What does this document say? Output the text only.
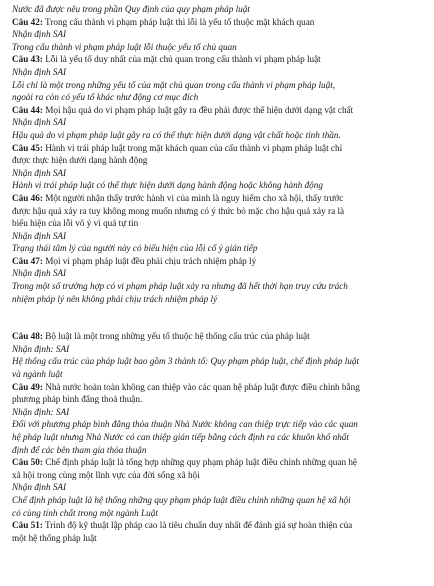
Nước đã được nêu trong phần Quy định của quy phạm pháp luật
Câu 42: Trong cấu thành vi phạm pháp luật thì lỗi là yếu tố thuộc mặt khách quan
Nhận định SAI
Trong cấu thành vi phạm pháp luật lỗi thuộc yếu tố chủ quan
Câu 43: Lỗi là yếu tố duy nhất của mặt chủ quan trong cấu thành vi phạm pháp luật
Nhận định SAI
Lỗi chỉ là một trong những yếu tố của mặt chủ quan trong cấu thành vi phạm pháp luật,
ngoài ra còn có yếu tố khác như động cơ mục đích
Câu 44: Mọi hậu quả do vi phạm pháp luật gây ra đều phải được thể hiện dưới dạng vật chất
Nhận định SAI
Hậu quả do vi phạm pháp luật gây ra có thể thực hiện dưới dạng vật chất hoặc tinh thần.
Câu 45: Hành vi trái pháp luật trong mặt khách quan của cấu thành vi phạm pháp luật chỉ
được thực hiện dưới dạng hành động
Nhận định SAI
Hành vi trái pháp luật có thể thực hiện dưới dạng hành động hoặc không hành động
Câu 46: Một người nhận thấy trước hành vi của mình là nguy hiểm cho xã hội, thấy trước
được hậu quả xảy ra tuy không mong muốn nhưng có ý thức bỏ mặc cho hậu quả xảy ra là
biểu hiện của lỗi vô ý vì quá tự tin
Nhận định SAI
Trạng thái tâm lý của người này có biểu hiện của lỗi cố ý gián tiếp
Câu 47: Mọi vi phạm pháp luật đều phải chịu trách nhiệm pháp lý
Nhận định SAI
Trong một số trường hợp có vi phạm pháp luật xảy ra nhưng đã hết thời hạn truy cứu trách
nhiệm pháp lý nên không phải chịu trách nhiệm pháp lý
Câu 48: Bộ luật là một trong những yếu tố thuộc hệ thống cấu trúc của pháp luật
Nhận định: SAI
Hệ thống cấu trúc của pháp luật bao gồm 3 thành tố: Quy phạm pháp luật, chế định pháp luật
và ngành luật
Câu 49: Nhà nước hoàn toàn không can thiệp vào các quan hệ pháp luật được điều chỉnh bằng
phương pháp bình đẳng thoả thuận.
Nhận định: SAI
Đối với phương pháp bình đẳng thỏa thuận Nhà Nước không can thiệp trực tiếp vào các quan
hệ pháp luật nhưng Nhà Nước có can thiệp gián tiếp bằng cách định ra các khuôn khổ nhất
định để các bên tham gia thỏa thuận
Câu 50: Chế định pháp luật là tổng hợp những quy phạm pháp luật điều chỉnh những quan hệ
xã hội trong cùng một lĩnh vực của đời sống xã hội
Nhận định SAI
Chế định pháp luật là hệ thống những quy phạm pháp luật điều chỉnh những quan hệ xã hội
có cùng tính chất trong một ngành Luật
Câu 51: Trình độ kỹ thuật lập pháp cao là tiêu chuẩn duy nhất để đánh giá sự hoàn thiện của
một hệ thống pháp luật
